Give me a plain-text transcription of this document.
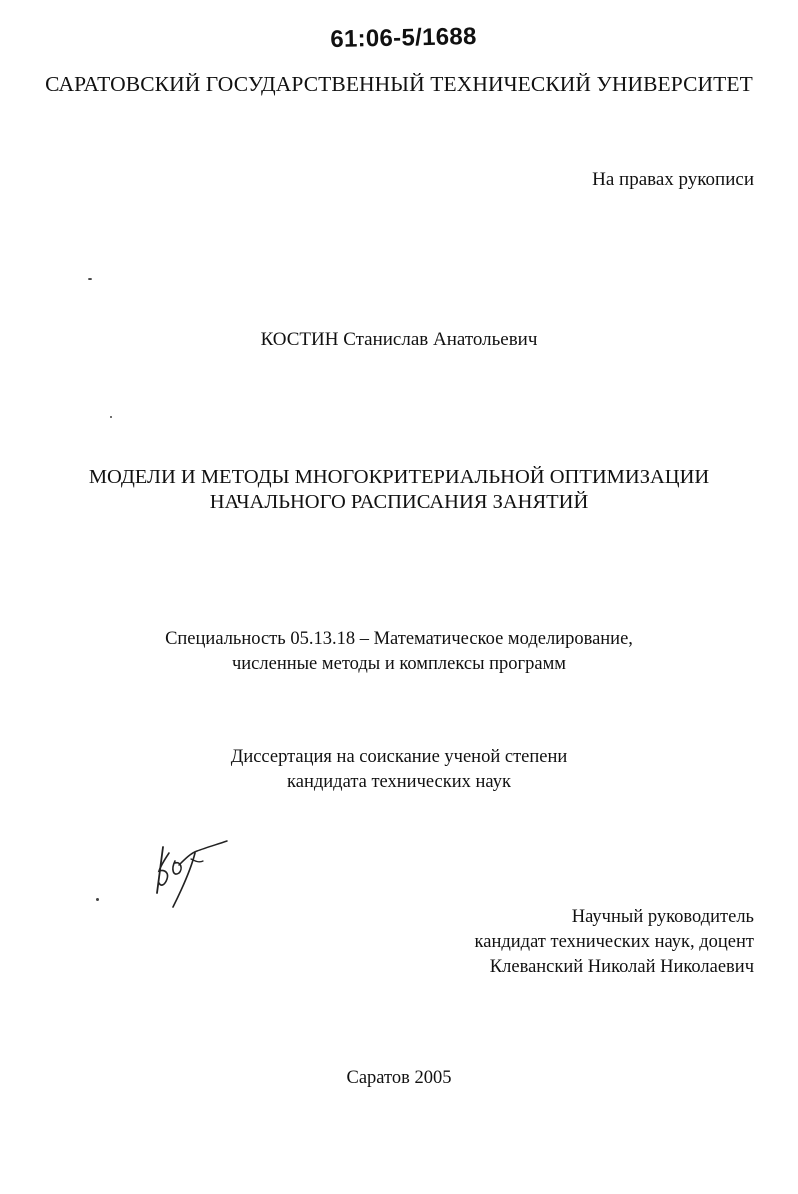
61:06-5/1688
САРАТОВСКИЙ ГОСУДАРСТВЕННЫЙ ТЕХНИЧЕСКИЙ УНИВЕРСИТЕТ
На правах рукописи
КОСТИН Станислав Анатольевич
МОДЕЛИ И МЕТОДЫ МНОГОКРИТЕРИАЛЬНОЙ ОПТИМИЗАЦИИ
НАЧАЛЬНОГО РАСПИСАНИЯ ЗАНЯТИЙ
Специальность 05.13.18 – Математическое моделирование,
численные методы и комплексы программ
Диссертация на соискание ученой степени
кандидата технических наук
Научный руководитель
кандидат технических наук, доцент
Клеванский Николай Николаевич
Саратов 2005
